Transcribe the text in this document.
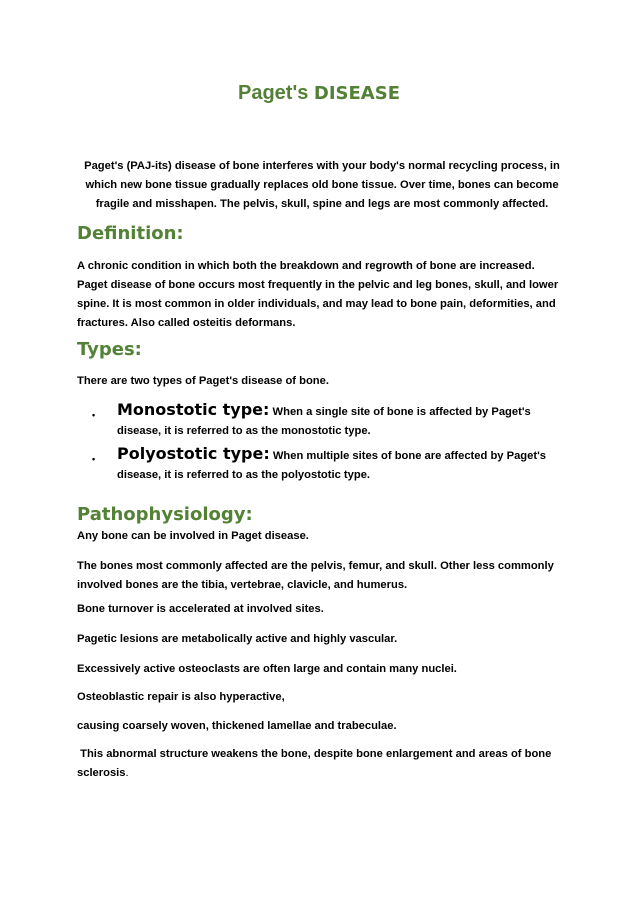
Paget's DISEASE

Paget's (PAJ-its) disease of bone interferes with your body's normal recycling process, in which new bone tissue gradually replaces old bone tissue. Over time, bones can become fragile and misshapen. The pelvis, skull, spine and legs are most commonly affected.

Definition:

A chronic condition in which both the breakdown and regrowth of bone are increased. Paget disease of bone occurs most frequently in the pelvic and leg bones, skull, and lower spine. It is most common in older individuals, and may lead to bone pain, deformities, and fractures. Also called osteitis deformans.

Types:

There are two types of Paget's disease of bone.

• Monostotic type: When a single site of bone is affected by Paget's disease, it is referred to as the monostotic type.
• Polyostotic type: When multiple sites of bone are affected by Paget's disease, it is referred to as the polyostotic type.
Pathophysiology:

Any bone can be involved in Paget disease.

The bones most commonly affected are the pelvis, femur, and skull. Other less commonly involved bones are the tibia, vertebrae, clavicle, and humerus.

Bone turnover is accelerated at involved sites.

Pagetic lesions are metabolically active and highly vascular.

Excessively active osteoclasts are often large and contain many nuclei.

Osteoblastic repair is also hyperactive,

causing coarsely woven, thickened lamellae and trabeculae.

This abnormal structure weakens the bone, despite bone enlargement and areas of bone sclerosis.
